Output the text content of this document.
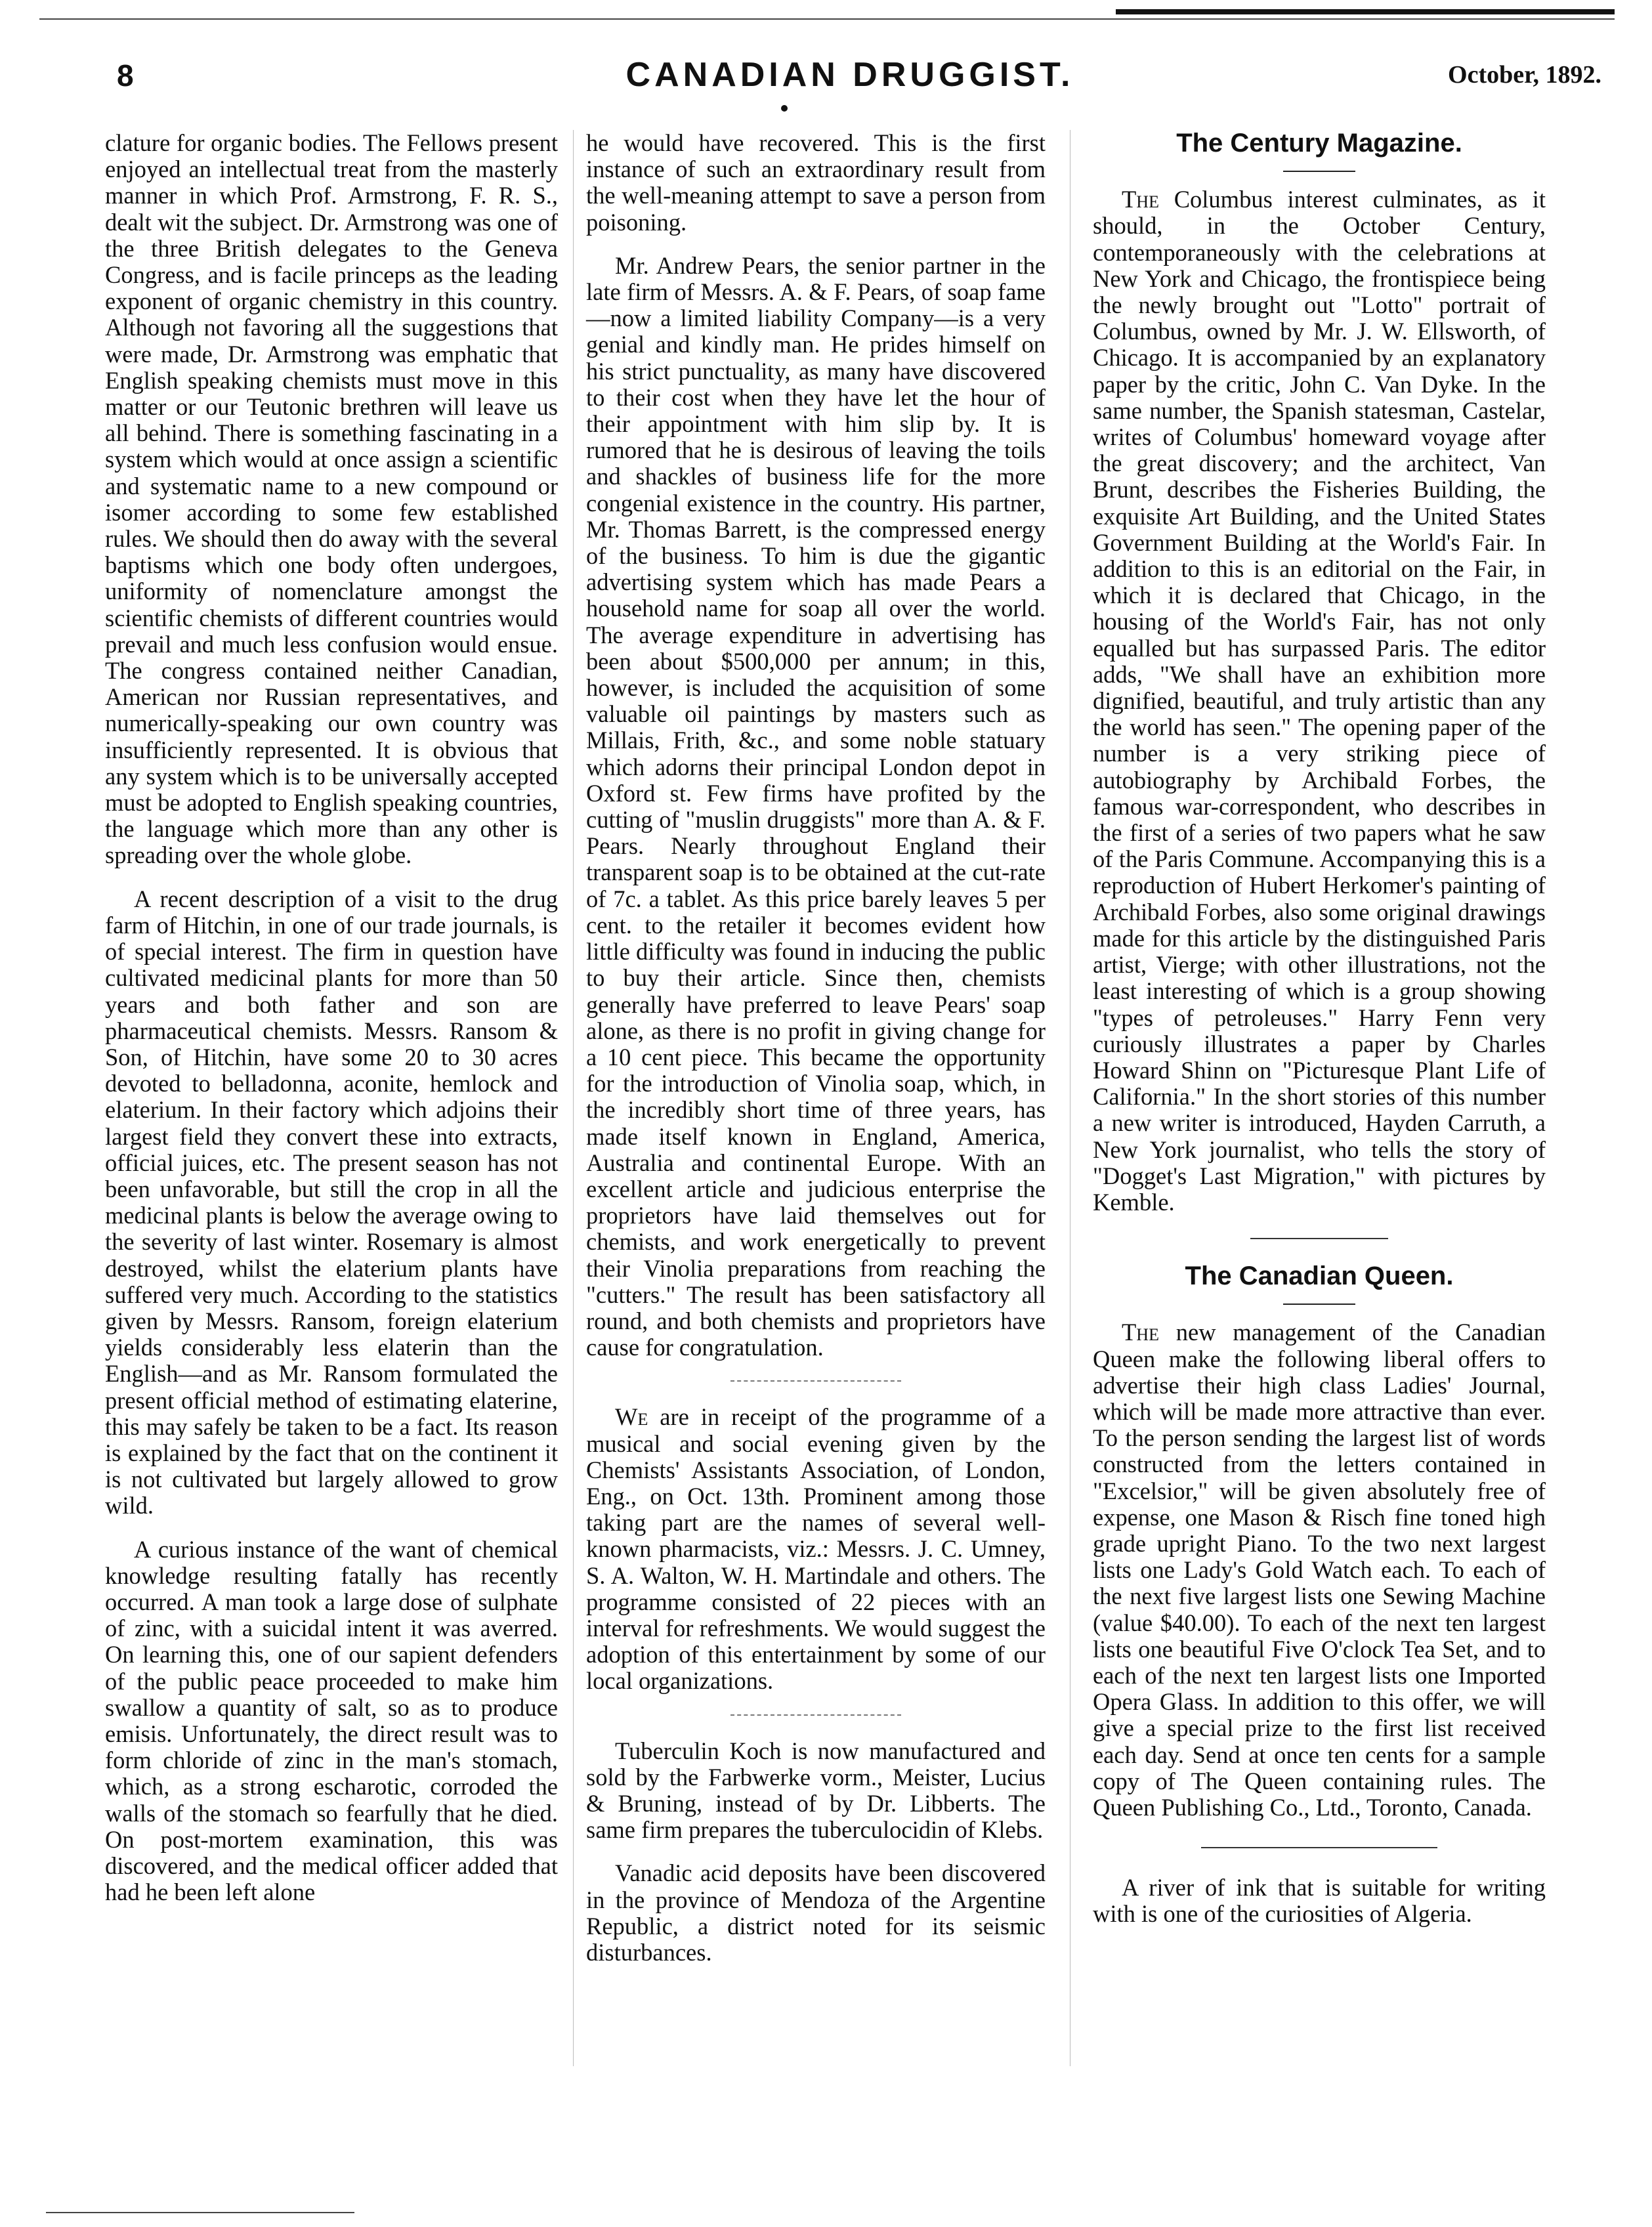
8	CANADIAN DRUGGIST.	October, 1892.

clature for organic bodies. The Fellows present enjoyed an intellectual treat from the masterly manner in which Prof. Armstrong, F. R. S., dealt wit the subject. Dr. Armstrong was one of the three British delegates to the Geneva Congress, and is facile princeps as the leading exponent of organic chemistry in this country. Although not favoring all the suggestions that were made, Dr. Armstrong was emphatic that English speaking chemists must move in this matter or our Teutonic brethren will leave us all behind. There is something fascinating in a system which would at once assign a scientific and systematic name to a new compound or isomer according to some few established rules. We should then do away with the several baptisms which one body often undergoes, uniformity of nomenclature amongst the scientific chemists of different countries would prevail and much less confusion would ensue. The congress contained neither Canadian, American nor Russian representatives, and numerically-speaking our own country was insufficiently represented. It is obvious that any system which is to be universally accepted must be adopted to English speaking countries, the language which more than any other is spreading over the whole globe.

A recent description of a visit to the drug farm of Hitchin, in one of our trade journals, is of special interest. The firm in question have cultivated medicinal plants for more than 50 years and both father and son are pharmaceutical chemists. Messrs. Ransom & Son, of Hitchin, have some 20 to 30 acres devoted to belladonna, aconite, hemlock and elaterium. In their factory which adjoins their largest field they convert these into extracts, official juices, etc. The present season has not been unfavorable, but still the crop in all the medicinal plants is below the average owing to the severity of last winter. Rosemary is almost destroyed, whilst the elaterium plants have suffered very much. According to the statistics given by Messrs. Ransom, foreign elaterium yields considerably less elaterin than the English—and as Mr. Ransom formulated the present official method of estimating elaterine, this may safely be taken to be a fact. Its reason is explained by the fact that on the continent it is not cultivated but largely allowed to grow wild.

A curious instance of the want of chemical knowledge resulting fatally has recently occurred. A man took a large dose of sulphate of zinc, with a suicidal intent it was averred. On learning this, one of our sapient defenders of the public peace proceeded to make him swallow a quantity of salt, so as to produce emisis. Unfortunately, the direct result was to form chloride of zinc in the man's stomach, which, as a strong escharotic, corroded the walls of the stomach so fearfully that he died. On post-mortem examination, this was discovered, and the medical officer added that had he been left alone

he would have recovered. This is the first instance of such an extraordinary result from the well-meaning attempt to save a person from poisoning.

Mr. Andrew Pears, the senior partner in the late firm of Messrs. A. & F. Pears, of soap fame—now a limited liability Company—is a very genial and kindly man. He prides himself on his strict punctuality, as many have discovered to their cost when they have let the hour of their appointment with him slip by. It is rumored that he is desirous of leaving the toils and shackles of business life for the more congenial existence in the country. His partner, Mr. Thomas Barrett, is the compressed energy of the business. To him is due the gigantic advertising system which has made Pears a household name for soap all over the world. The average expenditure in advertising has been about $500,000 per annum; in this, however, is included the acquisition of some valuable oil paintings by masters such as Millais, Frith, &c., and some noble statuary which adorns their principal London depot in Oxford st. Few firms have profited by the cutting of "muslin druggists" more than A. & F. Pears. Nearly throughout England their transparent soap is to be obtained at the cut-rate of 7c. a tablet. As this price barely leaves 5 per cent. to the retailer it becomes evident how little difficulty was found in inducing the public to buy their article. Since then, chemists generally have preferred to leave Pears' soap alone, as there is no profit in giving change for a 10 cent piece. This became the opportunity for the introduction of Vinolia soap, which, in the incredibly short time of three years, has made itself known in England, America, Australia and continental Europe. With an excellent article and judicious enterprise the proprietors have laid themselves out for chemists, and work energetically to prevent their Vinolia preparations from reaching the "cutters." The result has been satisfactory all round, and both chemists and proprietors have cause for congratulation.

We are in receipt of the programme of a musical and social evening given by the Chemists' Assistants Association, of London, Eng., on Oct. 13th. Prominent among those taking part are the names of several well-known pharmacists, viz.: Messrs. J. C. Umney, S. A. Walton, W. H. Martindale and others. The programme consisted of 22 pieces with an interval for refreshments. We would suggest the adoption of this entertainment by some of our local organizations.

Tuberculin Koch is now manufactured and sold by the Farbwerke vorm., Meister, Lucius & Bruning, instead of by Dr. Libberts. The same firm prepares the tuberculocidin of Klebs.

Vanadic acid deposits have been discovered in the province of Mendoza of the Argentine Republic, a district noted for its seismic disturbances.

The Century Magazine.

The Columbus interest culminates, as it should, in the October Century, contemporaneously with the celebrations at New York and Chicago, the frontispiece being the newly brought out "Lotto" portrait of Columbus, owned by Mr. J. W. Ellsworth, of Chicago. It is accompanied by an explanatory paper by the critic, John C. Van Dyke. In the same number, the Spanish statesman, Castelar, writes of Columbus' homeward voyage after the great discovery; and the architect, Van Brunt, describes the Fisheries Building, the exquisite Art Building, and the United States Government Building at the World's Fair. In addition to this is an editorial on the Fair, in which it is declared that Chicago, in the housing of the World's Fair, has not only equalled but has surpassed Paris. The editor adds, "We shall have an exhibition more dignified, beautiful, and truly artistic than any the world has seen." The opening paper of the number is a very striking piece of autobiography by Archibald Forbes, the famous war-correspondent, who describes in the first of a series of two papers what he saw of the Paris Commune. Accompanying this is a reproduction of Hubert Herkomer's painting of Archibald Forbes, also some original drawings made for this article by the distinguished Paris artist, Vierge; with other illustrations, not the least interesting of which is a group showing "types of petroleuses." Harry Fenn very curiously illustrates a paper by Charles Howard Shinn on "Picturesque Plant Life of California." In the short stories of this number a new writer is introduced, Hayden Carruth, a New York journalist, who tells the story of "Dogget's Last Migration," with pictures by Kemble.

The Canadian Queen.

The new management of the Canadian Queen make the following liberal offers to advertise their high class Ladies' Journal, which will be made more attractive than ever. To the person sending the largest list of words constructed from the letters contained in "Excelsior," will be given absolutely free of expense, one Mason & Risch fine toned high grade upright Piano. To the two next largest lists one Lady's Gold Watch each. To each of the next five largest lists one Sewing Machine (value $40.00). To each of the next ten largest lists one beautiful Five O'clock Tea Set, and to each of the next ten largest lists one Imported Opera Glass. In addition to this offer, we will give a special prize to the first list received each day. Send at once ten cents for a sample copy of The Queen containing rules. The Queen Publishing Co., Ltd., Toronto, Canada.

A river of ink that is suitable for writing with is one of the curiosities of Algeria.
